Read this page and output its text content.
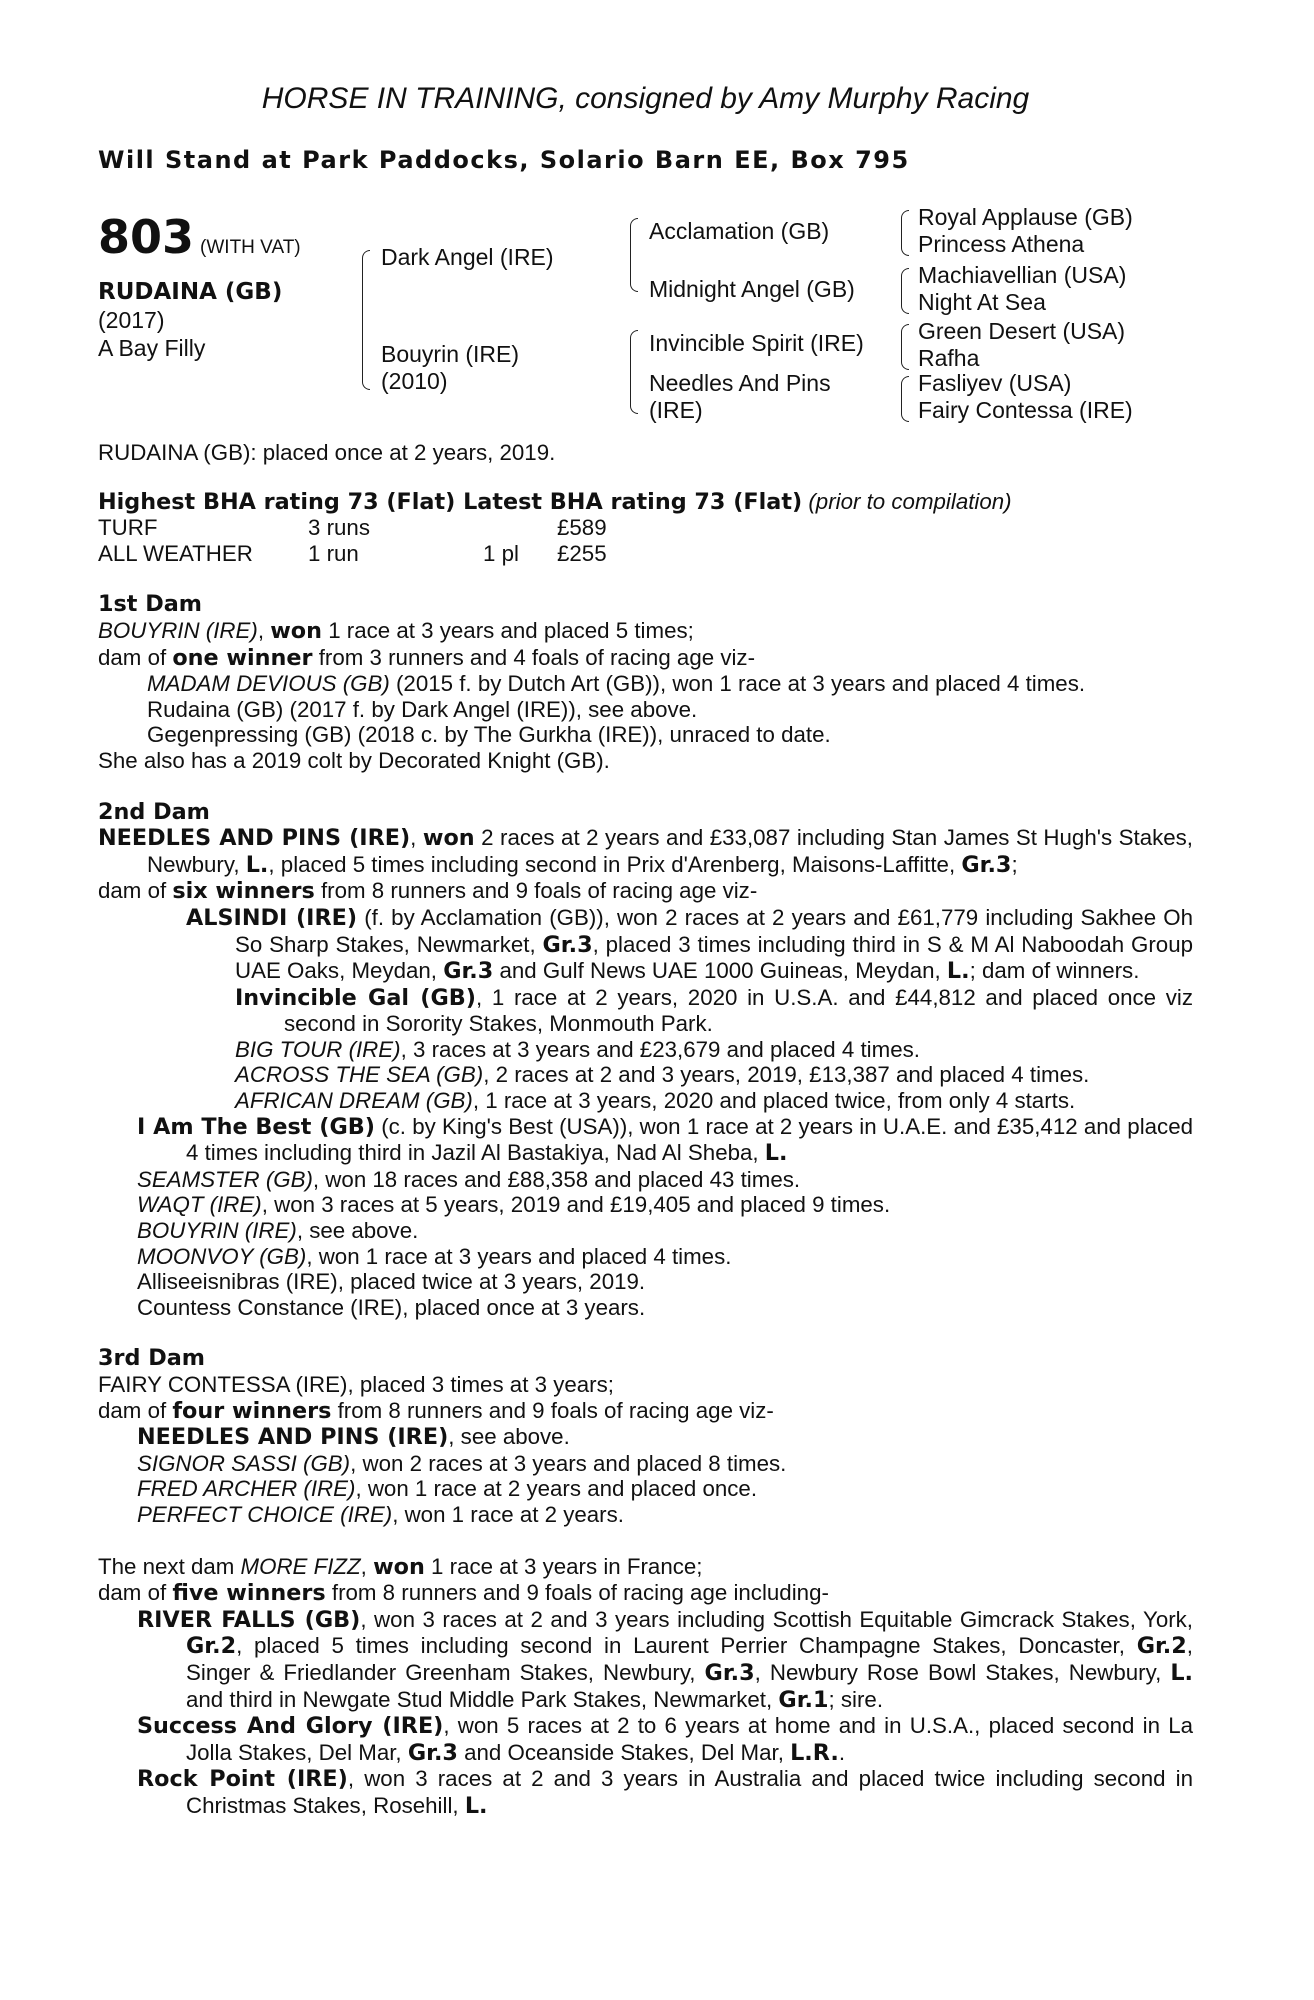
HORSE IN TRAINING, consigned by Amy Murphy Racing
Will Stand at Park Paddocks, Solario Barn EE, Box 795
803 (WITH VAT)
RUDAINA (GB)
(2017)
A Bay Filly
Dark Angel (IRE)
Bouyrin (IRE)
(2010)
Acclamation (GB)
Midnight Angel (GB)
Invincible Spirit (IRE)
Needles And Pins
(IRE)
Royal Applause (GB)
Princess Athena
Machiavellian (USA)
Night At Sea
Green Desert (USA)
Rafha
Fasliyev (USA)
Fairy Contessa (IRE)

RUDAINA (GB): placed once at 2 years, 2019.

Highest BHA rating 73 (Flat) Latest BHA rating 73 (Flat) (prior to compilation)

TURF	3 runs	£589
ALL WEATHER	1 run	1 pl	£255

1st Dam

BOUYRIN (IRE), won 1 race at 3 years and placed 5 times;

dam of one winner from 3 runners and 4 foals of racing age viz-

MADAM DEVIOUS (GB) (2015 f. by Dutch Art (GB)), won 1 race at 3 years and placed 4 times.

Rudaina (GB) (2017 f. by Dark Angel (IRE)), see above.

Gegenpressing (GB) (2018 c. by The Gurkha (IRE)), unraced to date.

She also has a 2019 colt by Decorated Knight (GB).

2nd Dam

NEEDLES AND PINS (IRE), won 2 races at 2 years and £33,087 including Stan James St Hugh's Stakes, Newbury, L., placed 5 times including second in Prix d'Arenberg, Maisons-Laffitte, Gr.3;

dam of six winners from 8 runners and 9 foals of racing age viz-

ALSINDI (IRE) (f. by Acclamation (GB)), won 2 races at 2 years and £61,779 including Sakhee Oh So Sharp Stakes, Newmarket, Gr.3, placed 3 times including third in S & M Al Naboodah Group UAE Oaks, Meydan, Gr.3 and Gulf News UAE 1000 Guineas, Meydan, L.; dam of winners.

Invincible Gal (GB), 1 race at 2 years, 2020 in U.S.A. and £44,812 and placed once viz second in Sorority Stakes, Monmouth Park.

BIG TOUR (IRE), 3 races at 3 years and £23,679 and placed 4 times.

ACROSS THE SEA (GB), 2 races at 2 and 3 years, 2019, £13,387 and placed 4 times.

AFRICAN DREAM (GB), 1 race at 3 years, 2020 and placed twice, from only 4 starts.

I Am The Best (GB) (c. by King's Best (USA)), won 1 race at 2 years in U.A.E. and £35,412 and placed 4 times including third in Jazil Al Bastakiya, Nad Al Sheba, L.

SEAMSTER (GB), won 18 races and £88,358 and placed 43 times.

WAQT (IRE), won 3 races at 5 years, 2019 and £19,405 and placed 9 times.

BOUYRIN (IRE), see above.

MOONVOY (GB), won 1 race at 3 years and placed 4 times.

Alliseeisnibras (IRE), placed twice at 3 years, 2019.

Countess Constance (IRE), placed once at 3 years.

3rd Dam

FAIRY CONTESSA (IRE), placed 3 times at 3 years;

dam of four winners from 8 runners and 9 foals of racing age viz-

NEEDLES AND PINS (IRE), see above.

SIGNOR SASSI (GB), won 2 races at 3 years and placed 8 times.

FRED ARCHER (IRE), won 1 race at 2 years and placed once.

PERFECT CHOICE (IRE), won 1 race at 2 years.

The next dam MORE FIZZ, won 1 race at 3 years in France;

dam of five winners from 8 runners and 9 foals of racing age including-

RIVER FALLS (GB), won 3 races at 2 and 3 years including Scottish Equitable Gimcrack Stakes, York, Gr.2, placed 5 times including second in Laurent Perrier Champagne Stakes, Doncaster, Gr.2, Singer & Friedlander Greenham Stakes, Newbury, Gr.3, Newbury Rose Bowl Stakes, Newbury, L. and third in Newgate Stud Middle Park Stakes, Newmarket, Gr.1; sire.

Success And Glory (IRE), won 5 races at 2 to 6 years at home and in U.S.A., placed second in La Jolla Stakes, Del Mar, Gr.3 and Oceanside Stakes, Del Mar, L.R..

Rock Point (IRE), won 3 races at 2 and 3 years in Australia and placed twice including second in Christmas Stakes, Rosehill, L.
